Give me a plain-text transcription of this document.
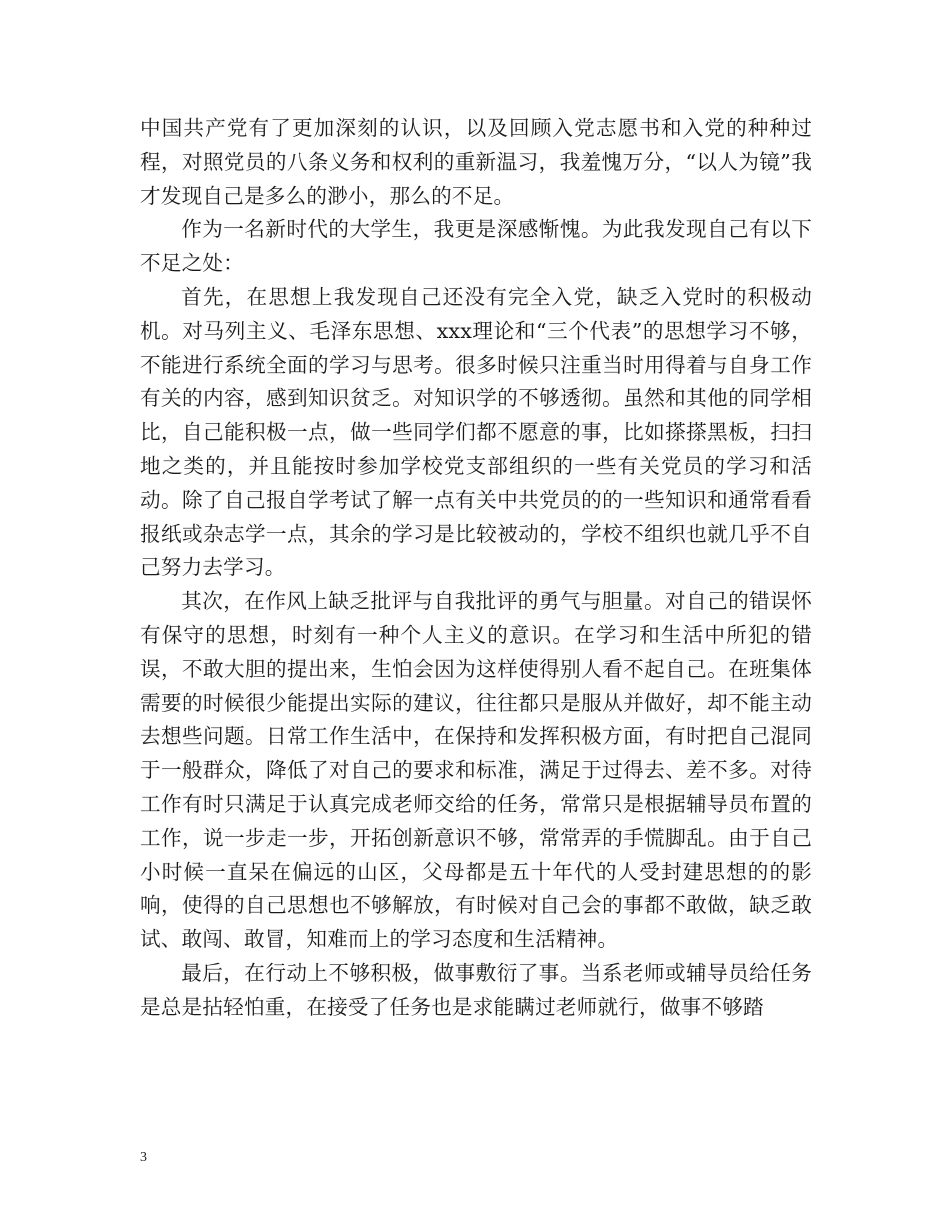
中国共产党有了更加深刻的认识，以及回顾入党志愿书和入党的种种过程，对照党员的八条义务和权利的重新温习，我羞愧万分，“以人为镜”我才发现自己是多么的渺小，那么的不足。

作为一名新时代的大学生，我更是深感惭愧。为此我发现自己有以下不足之处：

首先，在思想上我发现自己还没有完全入党，缺乏入党时的积极动机。对马列主义、毛泽东思想、xxx理论和“三个代表”的思想学习不够，不能进行系统全面的学习与思考。很多时候只注重当时用得着与自身工作有关的内容，感到知识贫乏。对知识学的不够透彻。虽然和其他的同学相比，自己能积极一点，做一些同学们都不愿意的事，比如搽搽黑板，扫扫地之类的，并且能按时参加学校党支部组织的一些有关党员的学习和活动。除了自己报自学考试了解一点有关中共党员的的一些知识和通常看看报纸或杂志学一点，其余的学习是比较被动的，学校不组织也就几乎不自己努力去学习。

其次，在作风上缺乏批评与自我批评的勇气与胆量。对自己的错误怀有保守的思想，时刻有一种个人主义的意识。在学习和生活中所犯的错误，不敢大胆的提出来，生怕会因为这样使得别人看不起自己。在班集体需要的时候很少能提出实际的建议，往往都只是服从并做好，却不能主动去想些问题。日常工作生活中，在保持和发挥积极方面，有时把自己混同于一般群众，降低了对自己的要求和标准，满足于过得去、差不多。对待工作有时只满足于认真完成老师交给的任务，常常只是根据辅导员布置的工作，说一步走一步，开拓创新意识不够，常常弄的手慌脚乱。由于自己小时候一直呆在偏远的山区，父母都是五十年代的人受封建思想的的影响，使得的自己思想也不够解放，有时候对自己会的事都不敢做，缺乏敢试、敢闯、敢冒，知难而上的学习态度和生活精神。

最后，在行动上不够积极，做事敷衍了事。当系老师或辅导员给任务是总是拈轻怕重，在接受了任务也是求能瞒过老师就行，做事不够踏

3
